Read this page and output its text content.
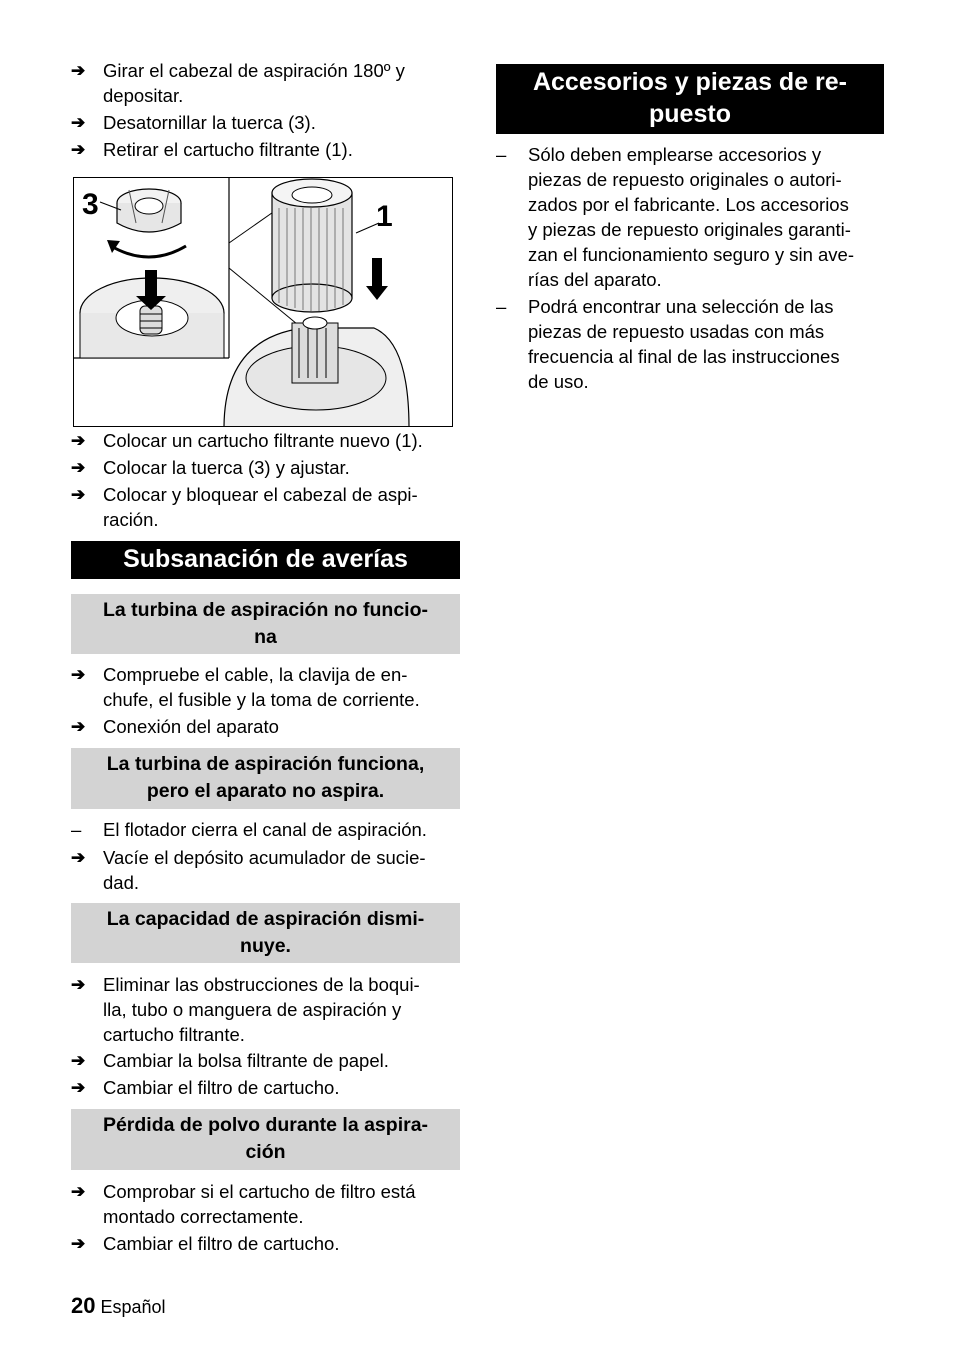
➔ Girar el cabezal de aspiración 180º y
depositar.
➔ Desatornillar la tuerca (3).
➔ Retirar el cartucho filtrante (1).
3	1
➔ Colocar un cartucho filtrante nuevo (1).
➔ Colocar la tuerca (3) y ajustar.
➔ Colocar y bloquear el cabezal de aspi-
ración.
Subsanación de averías
La turbina de aspiración no funcio-
na
➔ Compruebe el cable, la clavija de en-
chufe, el fusible y la toma de corriente.
➔ Conexión del aparato
La turbina de aspiración funciona,
pero el aparato no aspira.
–	El flotador cierra el canal de aspiración.
➔ Vacíe el depósito acumulador de sucie-
dad.
La capacidad de aspiración dismi-
nuye.
➔ Eliminar las obstrucciones de la boqui-
lla, tubo o manguera de aspiración y
cartucho filtrante.
➔ Cambiar la bolsa filtrante de papel.
➔ Cambiar el filtro de cartucho.
Pérdida de polvo durante la aspira-
ción
➔ Comprobar si el cartucho de filtro está
montado correctamente.
➔ Cambiar el filtro de cartucho.
Accesorios y piezas de re-
puesto
–	Sólo deben emplearse accesorios y
piezas de repuesto originales o autori-
zados por el fabricante. Los accesorios
y piezas de repuesto originales garanti-
zan el funcionamiento seguro y sin ave-
rías del aparato.
–	Podrá encontrar una selección de las
piezas de repuesto usadas con más
frecuencia al final de las instrucciones
de uso.
20 Español
